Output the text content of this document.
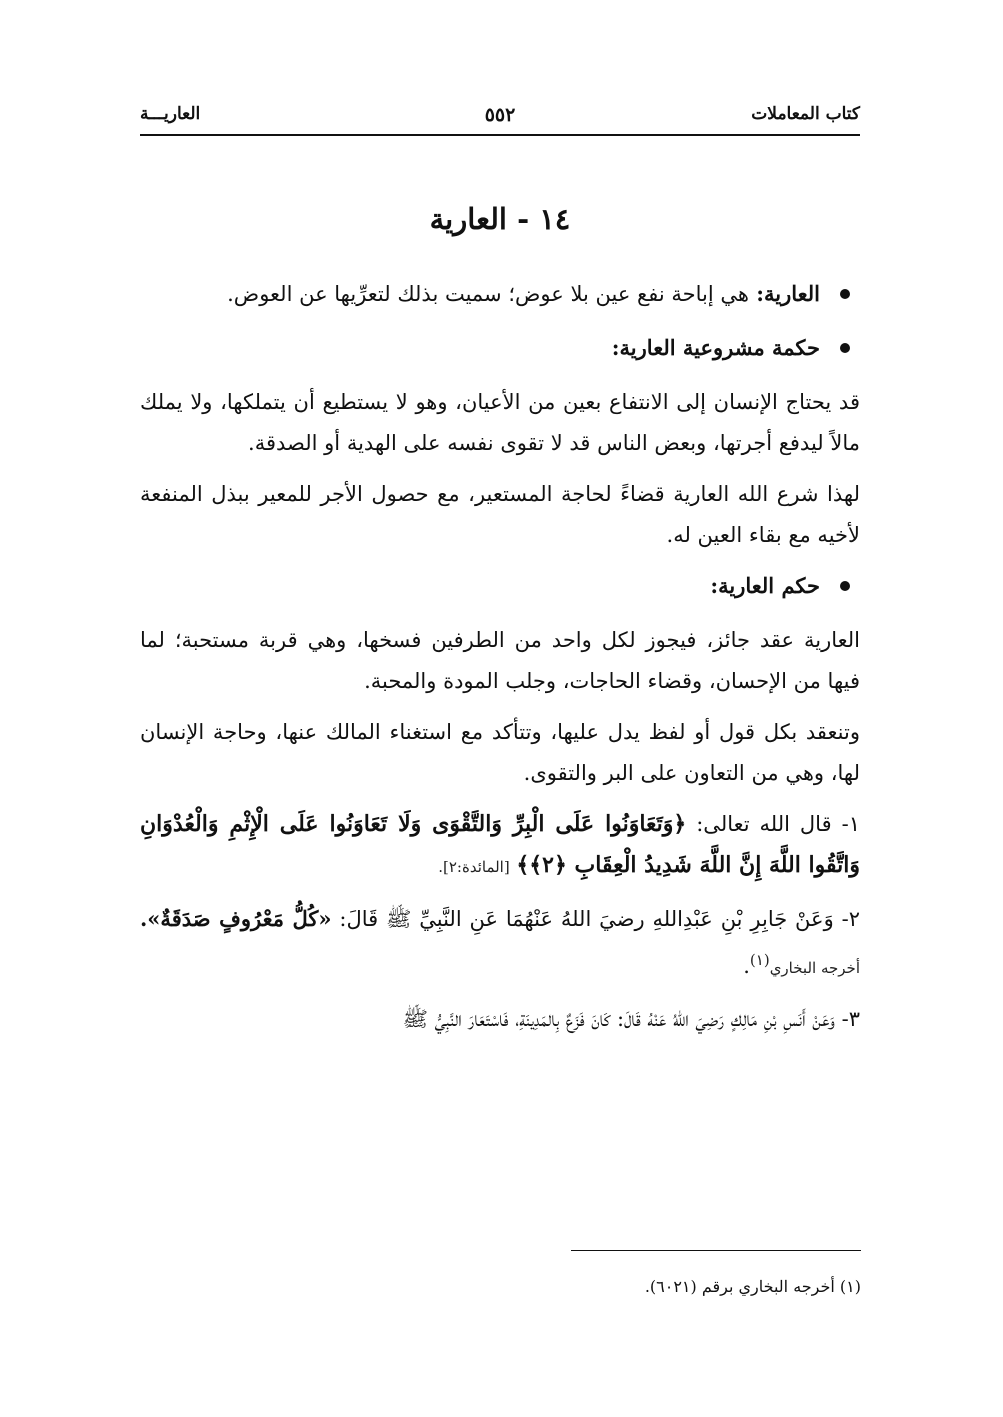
كتاب المعاملات
٥٥٢
العاريـــة
١٤ - العارية
العارية: هي إباحة نفع عين بلا عوض؛ سميت بذلك لتعرِّيها عن العوض.
حكمة مشروعية العارية:

قد يحتاج الإنسان إلى الانتفاع بعين من الأعيان، وهو لا يستطيع أن يتملكها، ولا يملك مالاً ليدفع أجرتها، وبعض الناس قد لا تقوى نفسه على الهدية أو الصدقة.

لهذا شرع الله العارية قضاءً لحاجة المستعير، مع حصول الأجر للمعير ببذل المنفعة لأخيه مع بقاء العين له.

حكم العارية:

العارية عقد جائز، فيجوز لكل واحد من الطرفين فسخها، وهي قربة مستحبة؛ لما فيها من الإحسان، وقضاء الحاجات، وجلب المودة والمحبة.

وتنعقد بكل قول أو لفظ يدل عليها، وتتأكد مع استغناء المالك عنها، وحاجة الإنسان لها، وهي من التعاون على البر والتقوى.

١- قال الله تعالى: ﴿وَتَعَاوَنُوا عَلَى الْبِرِّ وَالتَّقْوَى وَلَا تَعَاوَنُوا عَلَى الْإِثْمِ وَالْعُدْوَانِ وَاتَّقُوا اللَّهَ إِنَّ اللَّهَ شَدِيدُ الْعِقَابِ ﴿٢﴾﴾ [المائدة:٢].

٢- وَعَنْ جَابِرِ بْنِ عَبْدِاللهِ رضيَ اللهُ عَنْهُمَا عَنِ النَّبِيِّ ﷺ قَالَ: «كُلُّ مَعْرُوفٍ صَدَقَةٌ». أخرجه البخاري$^{(١)}$.

٣- وَعَنْ أَنَسِ بْنِ مَالِكٍ رَضِيَ اللهُ عَنْهُ قَالَ: كَانَ فَزَعٌ بِالمَدِينَةِ، فَاسْتَعَارَ النَّبِيُّ ﷺ

(١) أخرجه البخاري برقم (٦٠٢١).
